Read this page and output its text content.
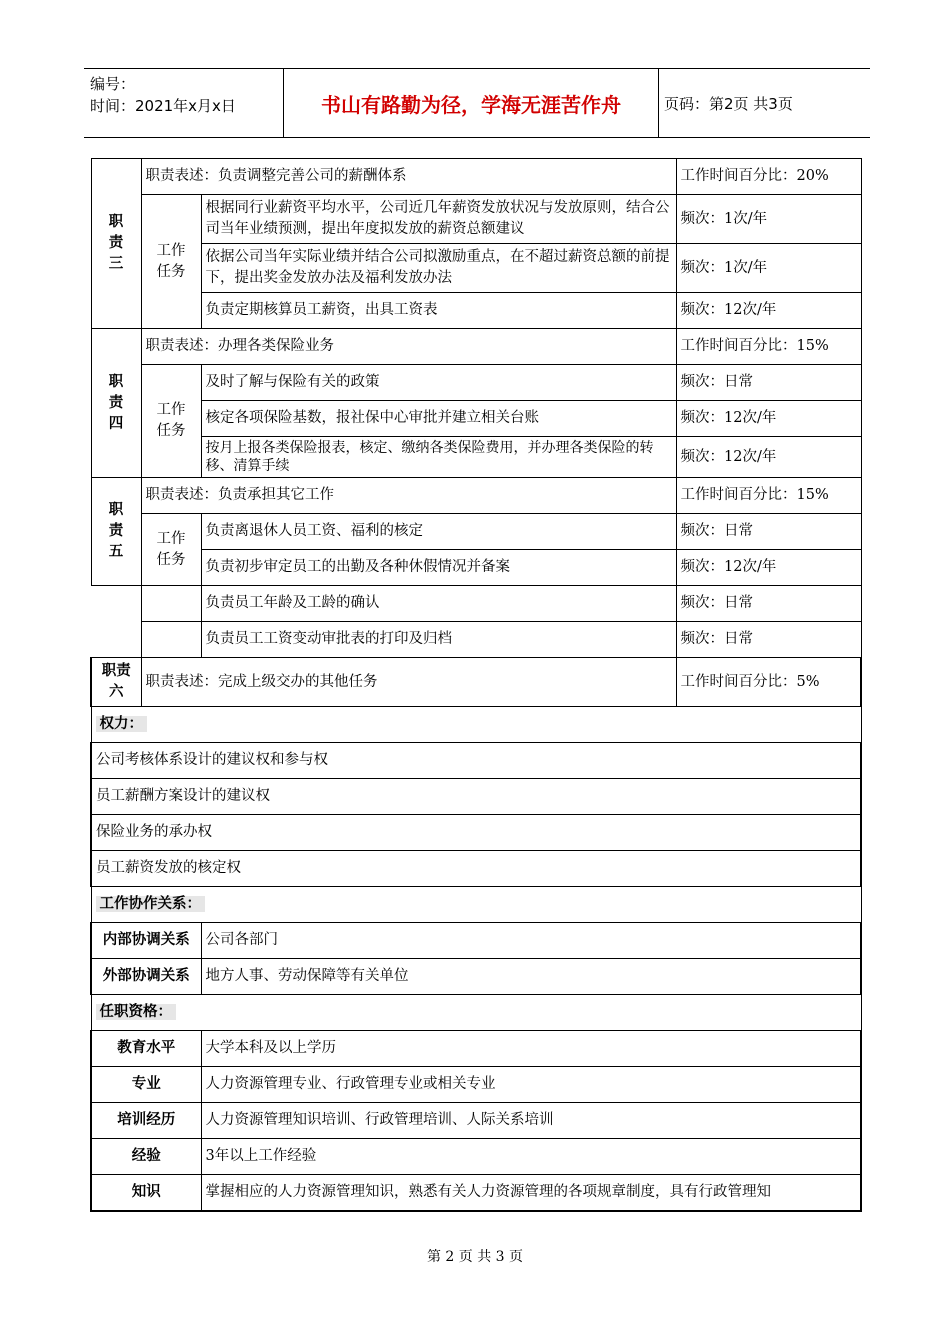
编号：
时间：2021年x月x日	书山有路勤为径，学海无涯苦作舟	页码：第2页 共3页
职责三	职责表述：负责调整完善公司的薪酬体系		工作时间百分比：20%
	工作任务	根据同行业薪资平均水平，公司近几年薪资发放状况与发放原则，结合公司当年业绩预测，提出年度拟发放的薪资总额建议	频次：1次/年
		依据公司当年实际业绩并结合公司拟激励重点，在不超过薪资总额的前提下，提出奖金发放办法及福利发放办法	频次：1次/年
		负责定期核算员工薪资，出具工资表	频次：12次/年
职责四	职责表述：办理各类保险业务		工作时间百分比：15%
	工作任务	及时了解与保险有关的政策	频次：日常
		核定各项保险基数，报社保中心审批并建立相关台账	频次：12次/年
		按月上报各类保险报表，核定、缴纳各类保险费用，并办理各类保险的转移、清算手续	频次：12次/年
职责五	职责表述：负责承担其它工作		工作时间百分比：15%
	工作任务	负责离退休人员工资、福利的核定	频次：日常
		负责初步审定员工的出勤及各种休假情况并备案	频次：12次/年
		负责员工年龄及工龄的确认	频次：日常
		负责员工工资变动审批表的打印及归档	频次：日常
职责六	职责表述：完成上级交办的其他任务		工作时间百分比：5%
权力：			
公司考核体系设计的建议权和参与权			
员工薪酬方案设计的建议权			
保险业务的承办权			
员工薪资发放的核定权			
工作协作关系：			
内部协调关系		公司各部门	
外部协调关系		地方人事、劳动保障等有关单位	
任职资格：			
教育水平		大学本科及以上学历	
专业		人力资源管理专业、行政管理专业或相关专业	
培训经历		人力资源管理知识培训、行政管理培训、人际关系培训	
经验		3年以上工作经验	
知识		掌握相应的人力资源管理知识，熟悉有关人力资源管理的各项规章制度，具有行政管理知	
第 2 页 共 3 页
